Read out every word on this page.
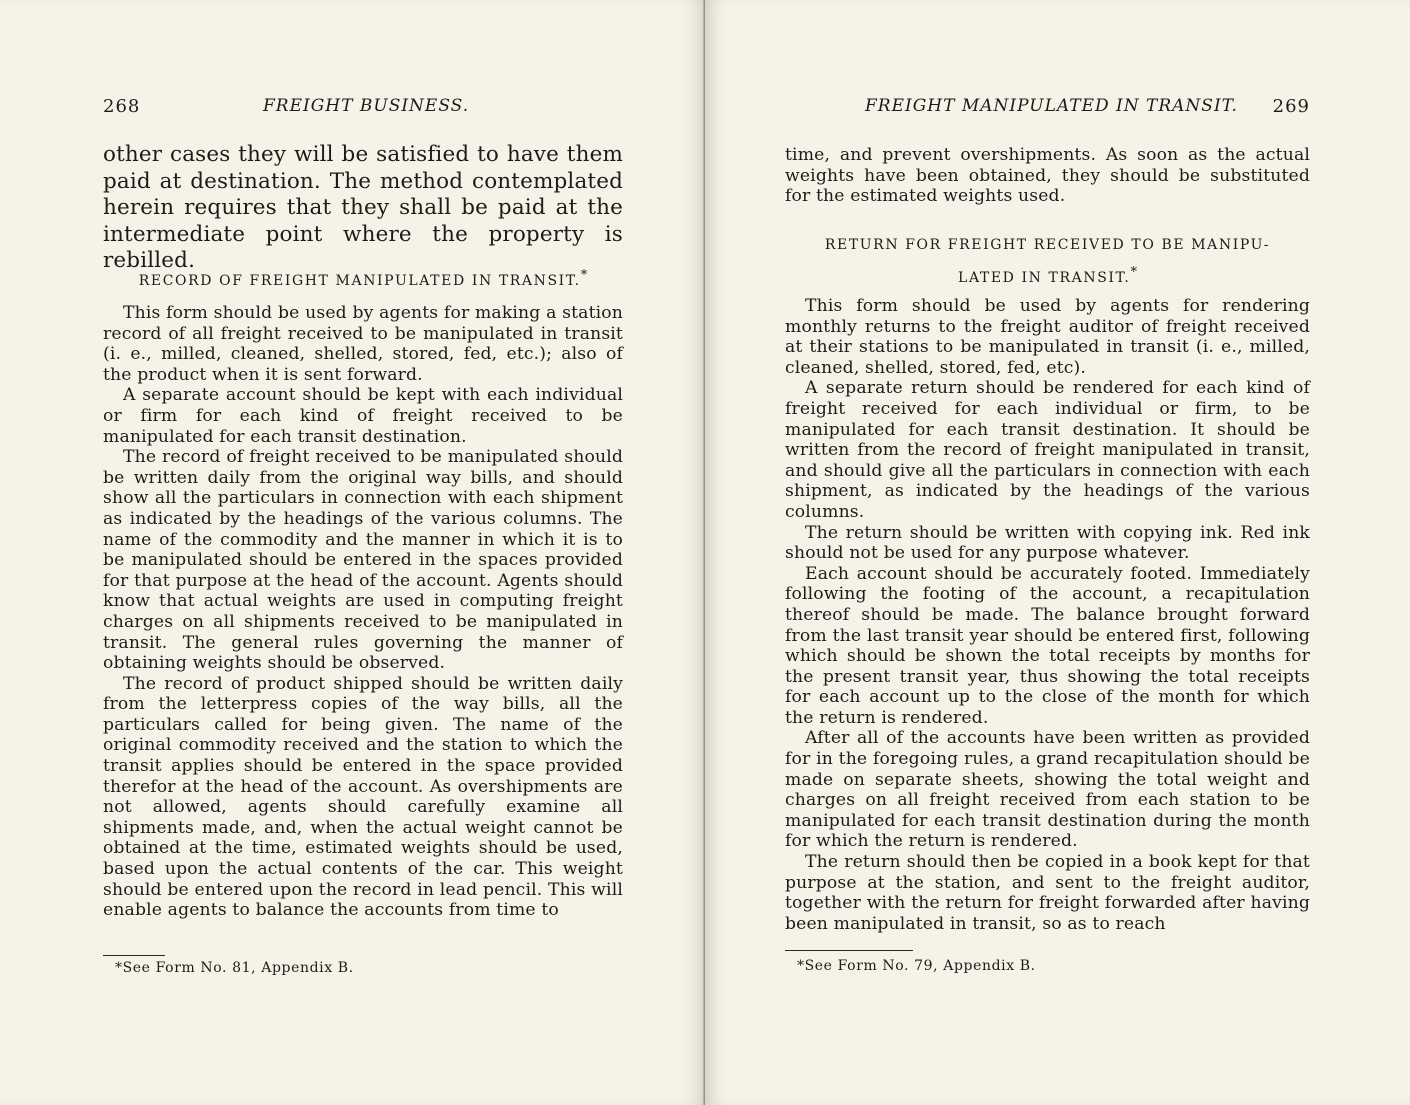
268	FREIGHT BUSINESS.

other cases they will be satisfied to have them paid at destination. The method contemplated herein requires that they shall be paid at the intermediate point where the property is rebilled.

RECORD OF FREIGHT MANIPULATED IN TRANSIT.*

This form should be used by agents for making a station record of all freight received to be manipulated in transit (i. e., milled, cleaned, shelled, stored, fed, etc.); also of the product when it is sent forward.

A separate account should be kept with each individual or firm for each kind of freight received to be manipulated for each transit destination.

The record of freight received to be manipulated should be written daily from the original way bills, and should show all the particulars in connection with each shipment as indicated by the headings of the various columns. The name of the commodity and the manner in which it is to be manipulated should be entered in the spaces provided for that purpose at the head of the account. Agents should know that actual weights are used in computing freight charges on all shipments received to be manipulated in transit. The general rules governing the manner of obtaining weights should be observed.

The record of product shipped should be written daily from the letterpress copies of the way bills, all the particulars called for being given. The name of the original commodity received and the station to which the transit applies should be entered in the space provided therefor at the head of the account. As overshipments are not allowed, agents should carefully examine all shipments made, and, when the actual weight cannot be obtained at the time, estimated weights should be used, based upon the actual contents of the car. This weight should be entered upon the record in lead pencil. This will enable agents to balance the accounts from time to

*See Form No. 81, Appendix B.
FREIGHT MANIPULATED IN TRANSIT. 269

time, and prevent overshipments. As soon as the actual weights have been obtained, they should be substituted for the estimated weights used.

RETURN FOR FREIGHT RECEIVED TO BE MANIPU-
LATED IN TRANSIT.*

This form should be used by agents for rendering monthly returns to the freight auditor of freight received at their stations to be manipulated in transit (i. e., milled, cleaned, shelled, stored, fed, etc).

A separate return should be rendered for each kind of freight received for each individual or firm, to be manipulated for each transit destination. It should be written from the record of freight manipulated in transit, and should give all the particulars in connection with each shipment, as indicated by the headings of the various columns.

The return should be written with copying ink. Red ink should not be used for any purpose whatever.

Each account should be accurately footed. Immediately following the footing of the account, a recapitulation thereof should be made. The balance brought forward from the last transit year should be entered first, following which should be shown the total receipts by months for the present transit year, thus showing the total receipts for each account up to the close of the month for which the return is rendered.

After all of the accounts have been written as provided for in the foregoing rules, a grand recapitulation should be made on separate sheets, showing the total weight and charges on all freight received from each station to be manipulated for each transit destination during the month for which the return is rendered.

The return should then be copied in a book kept for that purpose at the station, and sent to the freight auditor, together with the return for freight forwarded after having been manipulated in transit, so as to reach

*See Form No. 79, Appendix B.
